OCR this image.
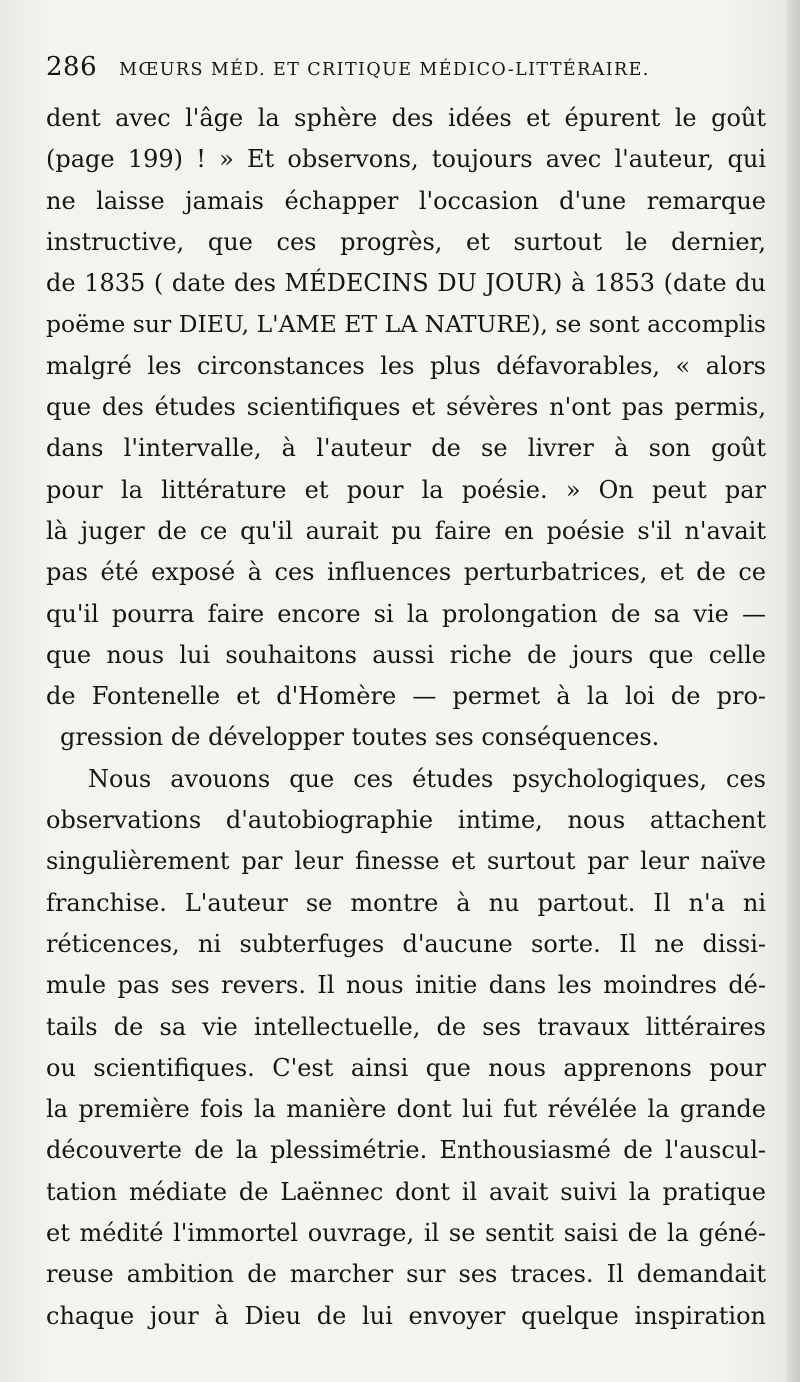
286 MŒURS MÉD. ET CRITIQUE MÉDICO-LITTÉRAIRE.
dent avec l'âge la sphère des idées et épurent le goût
(page 199) ! » Et observons, toujours avec l'auteur, qui
ne laisse jamais échapper l'occasion d'une remarque
instructive, que ces progrès, et surtout le dernier,
de 1835 ( date des MÉDECINS DU JOUR) à 1853 (date du
poëme sur DIEU, L'AME ET LA NATURE), se sont accomplis
malgré les circonstances les plus défavorables, « alors
que des études scientifiques et sévères n'ont pas permis,
dans l'intervalle, à l'auteur de se livrer à son goût
pour la littérature et pour la poésie. » On peut par
là juger de ce qu'il aurait pu faire en poésie s'il n'avait
pas été exposé à ces influences perturbatrices, et de ce
qu'il pourra faire encore si la prolongation de sa vie —
que nous lui souhaitons aussi riche de jours que celle
de Fontenelle et d'Homère — permet à la loi de pro-
gression de développer toutes ses conséquences.
Nous avouons que ces études psychologiques, ces
observations d'autobiographie intime, nous attachent
singulièrement par leur finesse et surtout par leur naïve
franchise. L'auteur se montre à nu partout. Il n'a ni
réticences, ni subterfuges d'aucune sorte. Il ne dissi-
mule pas ses revers. Il nous initie dans les moindres dé-
tails de sa vie intellectuelle, de ses travaux littéraires
ou scientifiques. C'est ainsi que nous apprenons pour
la première fois la manière dont lui fut révélée la grande
découverte de la plessimétrie. Enthousiasmé de l'auscul-
tation médiate de Laënnec dont il avait suivi la pratique
et médité l'immortel ouvrage, il se sentit saisi de la géné-
reuse ambition de marcher sur ses traces. Il demandait
chaque jour à Dieu de lui envoyer quelque inspiration
